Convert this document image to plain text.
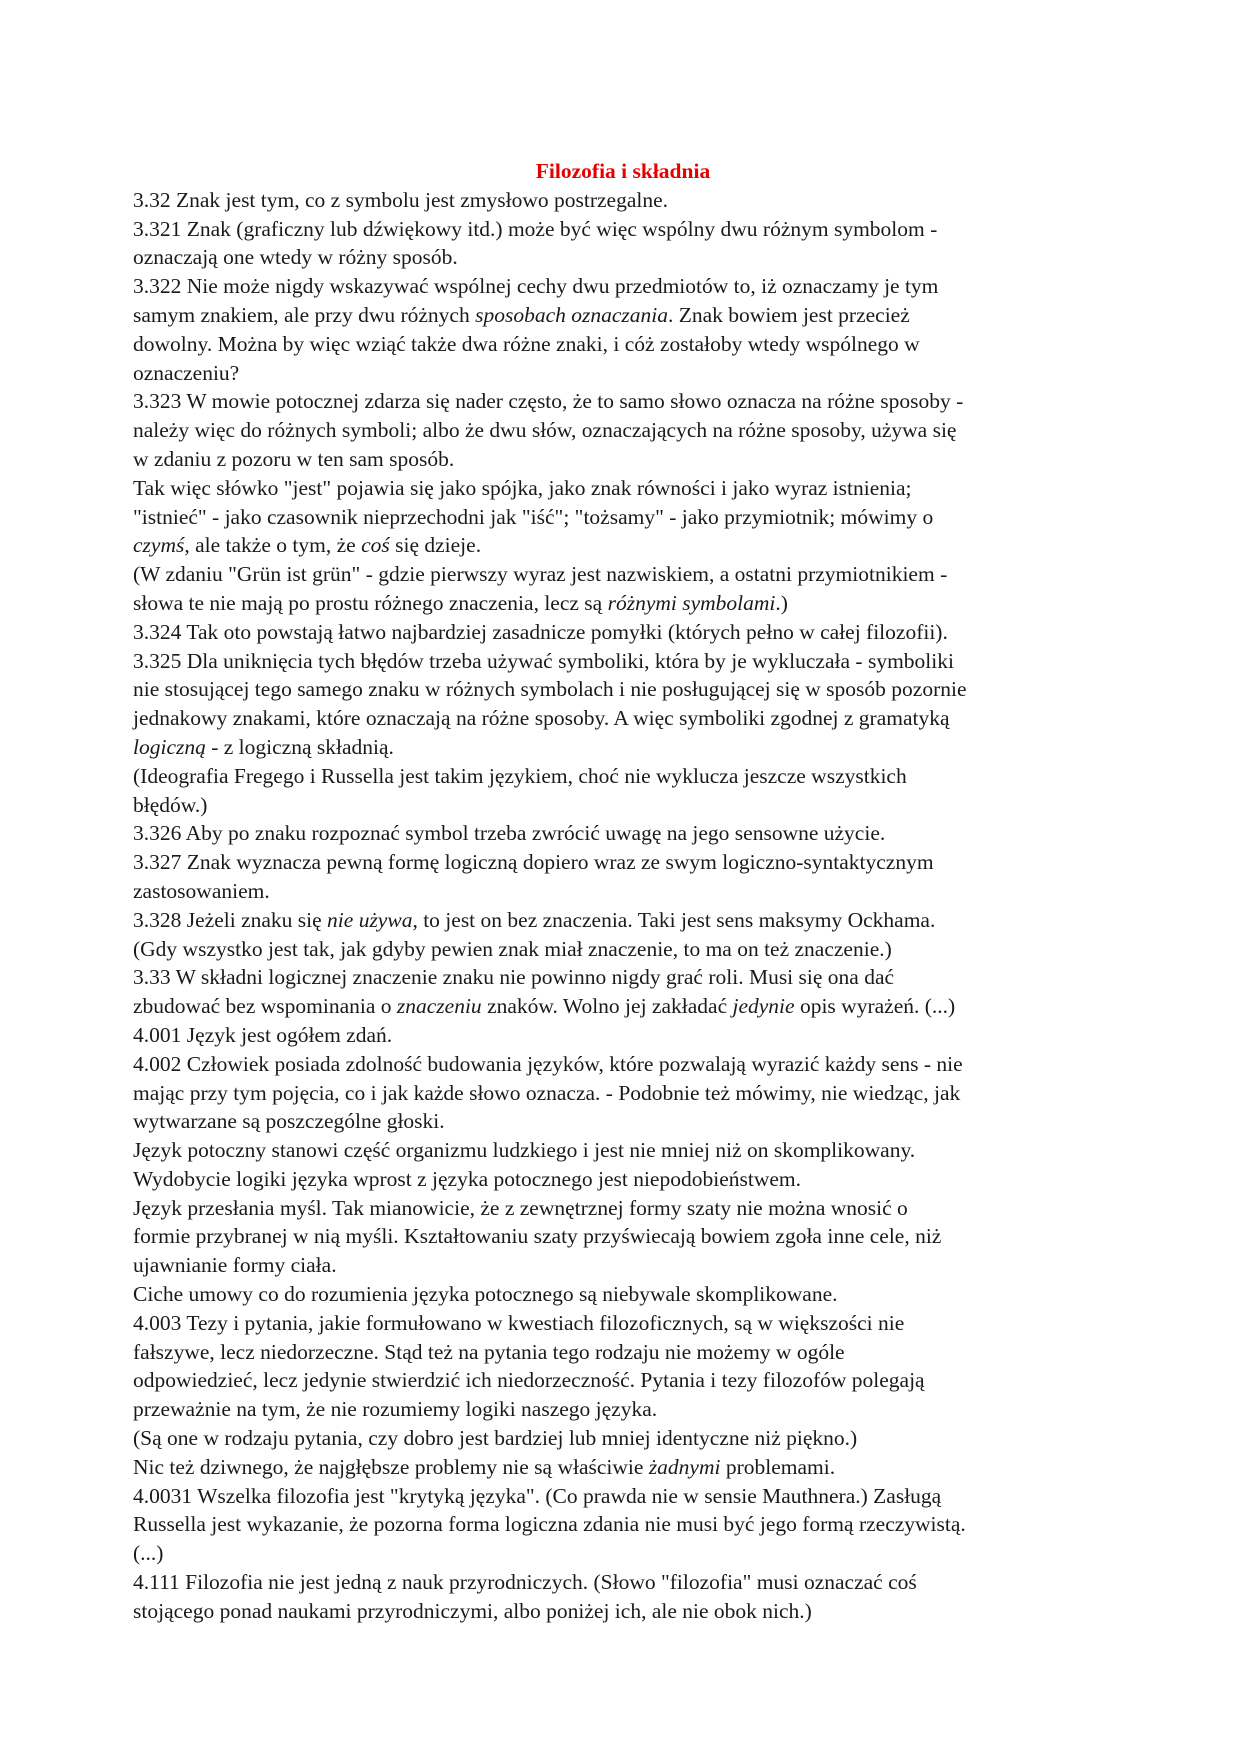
Filozofia i składnia
3.32 Znak jest tym, co z symbolu jest zmysłowo postrzegalne.
3.321 Znak (graficzny lub dźwiękowy itd.) może być więc wspólny dwu różnym symbolom -
oznaczają one wtedy w różny sposób.
3.322 Nie może nigdy wskazywać wspólnej cechy dwu przedmiotów to, iż oznaczamy je tym
samym znakiem, ale przy dwu różnych sposobach oznaczania. Znak bowiem jest przecież
dowolny. Można by więc wziąć także dwa różne znaki, i cóż zostałoby wtedy wspólnego w
oznaczeniu?
3.323 W mowie potocznej zdarza się nader często, że to samo słowo oznacza na różne sposoby -
należy więc do różnych symboli; albo że dwu słów, oznaczających na różne sposoby, używa się
w zdaniu z pozoru w ten sam sposób.
Tak więc słówko "jest" pojawia się jako spójka, jako znak równości i jako wyraz istnienia;
"istnieć" - jako czasownik nieprzechodni jak "iść"; "tożsamy" - jako przymiotnik; mówimy o
czymś, ale także o tym, że coś się dzieje.
(W zdaniu "Grün ist grün" - gdzie pierwszy wyraz jest nazwiskiem, a ostatni przymiotnikiem -
słowa te nie mają po prostu różnego znaczenia, lecz są różnymi symbolami.)
3.324 Tak oto powstają łatwo najbardziej zasadnicze pomyłki (których pełno w całej filozofii).
3.325 Dla uniknięcia tych błędów trzeba używać symboliki, która by je wykluczała - symboliki
nie stosującej tego samego znaku w różnych symbolach i nie posługującej się w sposób pozornie
jednakowy znakami, które oznaczają na różne sposoby. A więc symboliki zgodnej z gramatyką
logiczną - z logiczną składnią.
(Ideografia Fregego i Russella jest takim językiem, choć nie wyklucza jeszcze wszystkich
błędów.)
3.326 Aby po znaku rozpoznać symbol trzeba zwrócić uwagę na jego sensowne użycie.
3.327 Znak wyznacza pewną formę logiczną dopiero wraz ze swym logiczno-syntaktycznym
zastosowaniem.
3.328 Jeżeli znaku się nie używa, to jest on bez znaczenia. Taki jest sens maksymy Ockhama.
(Gdy wszystko jest tak, jak gdyby pewien znak miał znaczenie, to ma on też znaczenie.)
3.33 W składni logicznej znaczenie znaku nie powinno nigdy grać roli. Musi się ona dać
zbudować bez wspominania o znaczeniu znaków. Wolno jej zakładać jedynie opis wyrażeń. (...)
4.001 Język jest ogółem zdań.
4.002 Człowiek posiada zdolność budowania języków, które pozwalają wyrazić każdy sens - nie
mając przy tym pojęcia, co i jak każde słowo oznacza. - Podobnie też mówimy, nie wiedząc, jak
wytwarzane są poszczególne głoski.
Język potoczny stanowi część organizmu ludzkiego i jest nie mniej niż on skomplikowany.
Wydobycie logiki języka wprost z języka potocznego jest niepodobieństwem.
Język przesłania myśl. Tak mianowicie, że z zewnętrznej formy szaty nie można wnosić o
formie przybranej w nią myśli. Kształtowaniu szaty przyświecają bowiem zgoła inne cele, niż
ujawnianie formy ciała.
Ciche umowy co do rozumienia języka potocznego są niebywale skomplikowane.
4.003 Tezy i pytania, jakie formułowano w kwestiach filozoficznych, są w większości nie
fałszywe, lecz niedorzeczne. Stąd też na pytania tego rodzaju nie możemy w ogóle
odpowiedzieć, lecz jedynie stwierdzić ich niedorzeczność. Pytania i tezy filozofów polegają
przeważnie na tym, że nie rozumiemy logiki naszego języka.
(Są one w rodzaju pytania, czy dobro jest bardziej lub mniej identyczne niż piękno.)
Nic też dziwnego, że najgłębsze problemy nie są właściwie żadnymi problemami.
4.0031 Wszelka filozofia jest "krytyką języka". (Co prawda nie w sensie Mauthnera.) Zasługą
Russella jest wykazanie, że pozorna forma logiczna zdania nie musi być jego formą rzeczywistą.
(...)
4.111 Filozofia nie jest jedną z nauk przyrodniczych. (Słowo "filozofia" musi oznaczać coś
stojącego ponad naukami przyrodniczymi, albo poniżej ich, ale nie obok nich.)
